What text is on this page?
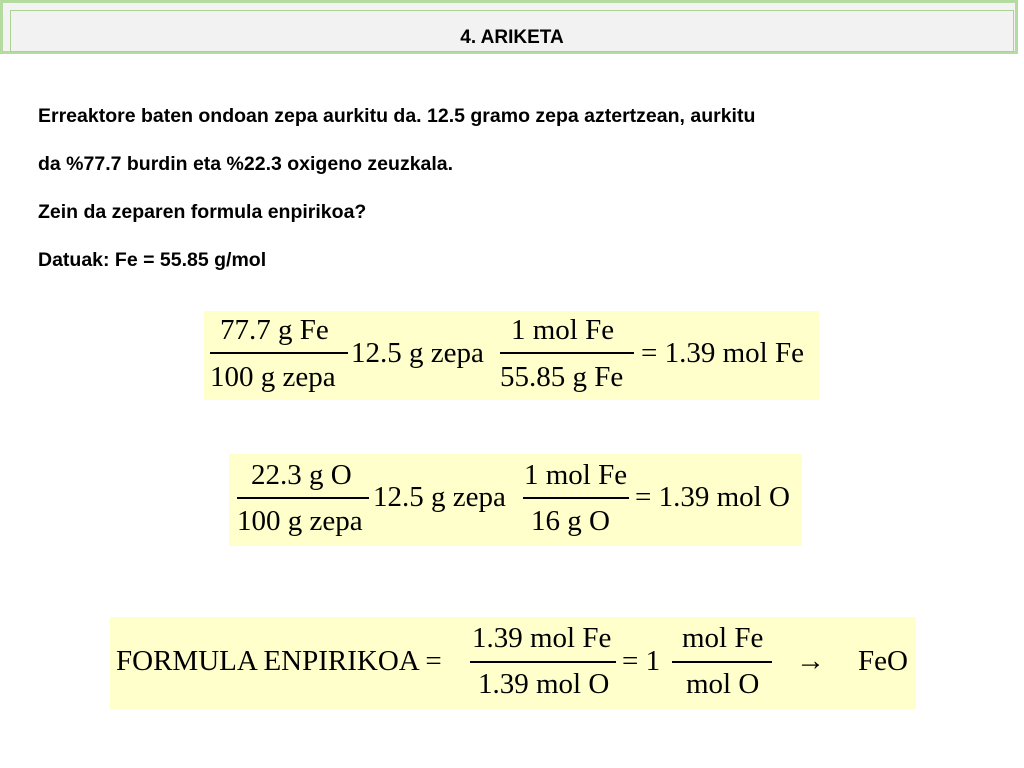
4. ARIKETA
Erreaktore baten ondoan zepa aurkitu da. 12.5 gramo zepa aztertzean, aurkitu
da %77.7 burdin eta %22.3 oxigeno zeuzkala.
Zein da zeparen formula enpirikoa?
Datuak: Fe = 55.85 g/mol
77.7 g Fe
100 g zepa
12.5 g zepa
1 mol Fe
55.85 g Fe
= 1.39 mol Fe
22.3 g O
100 g zepa
12.5 g zepa
1 mol Fe
16 g O
= 1.39 mol O
FORMULA ENPIRIKOA =
1.39 mol Fe
1.39 mol O
= 1
mol Fe
mol O
→ FeO
